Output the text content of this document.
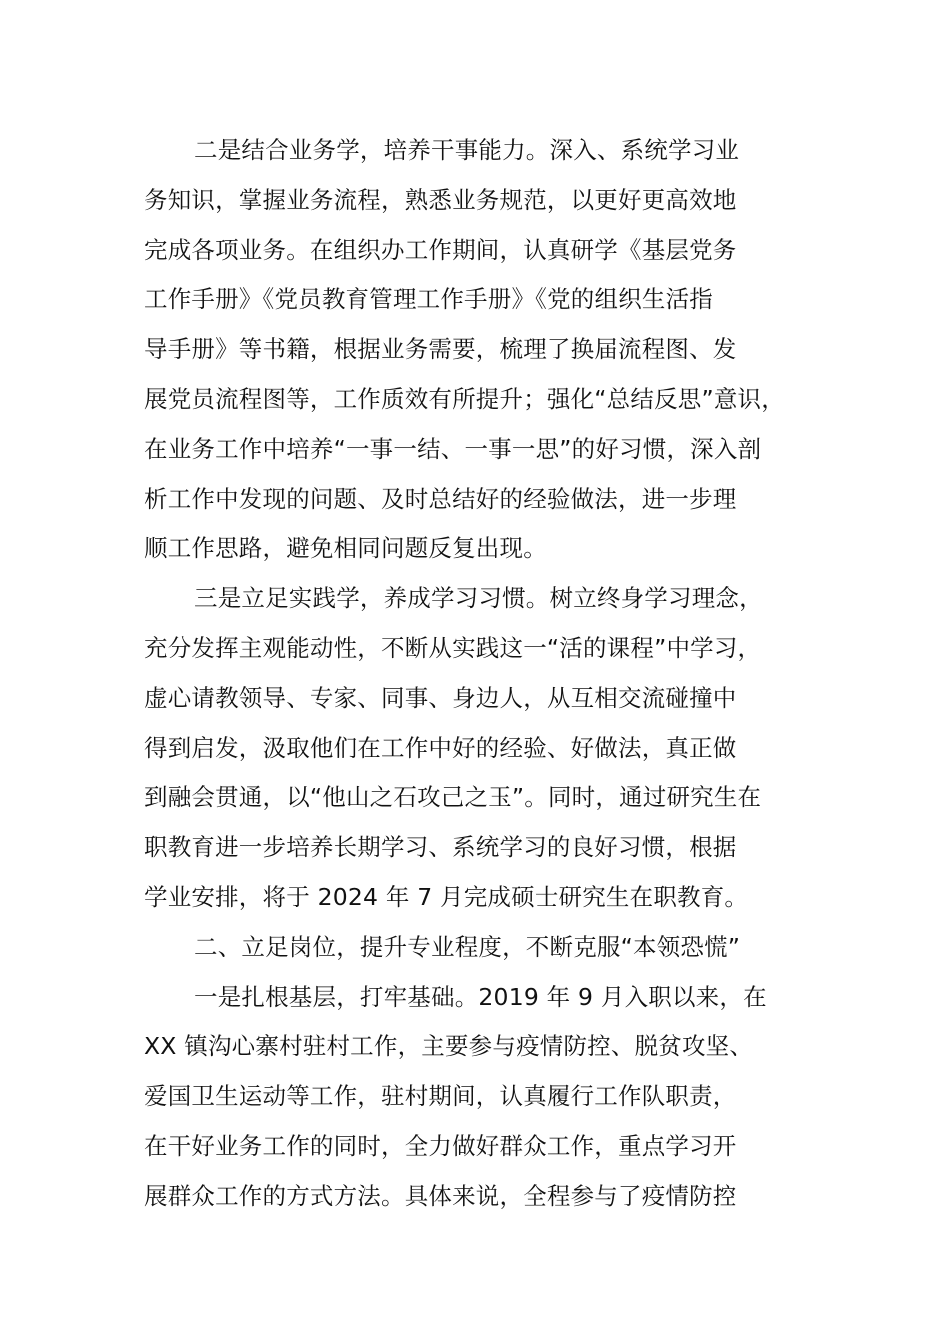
二是结合业务学，培养干事能力。深入、系统学习业
务知识，掌握业务流程，熟悉业务规范，以更好更高效地
完成各项业务。在组织办工作期间，认真研学《基层党务
工作手册》《党员教育管理工作手册》《党的组织生活指
导手册》等书籍，根据业务需要，梳理了换届流程图、发
展党员流程图等，工作质效有所提升；强化“总结反思”意识，
在业务工作中培养“一事一结、一事一思”的好习惯，深入剖
析工作中发现的问题、及时总结好的经验做法，进一步理
顺工作思路，避免相同问题反复出现。
三是立足实践学，养成学习习惯。树立终身学习理念，
充分发挥主观能动性，不断从实践这一“活的课程”中学习，
虚心请教领导、专家、同事、身边人，从互相交流碰撞中
得到启发，汲取他们在工作中好的经验、好做法，真正做
到融会贯通，以“他山之石攻己之玉”。同时，通过研究生在
职教育进一步培养长期学习、系统学习的良好习惯，根据
学业安排，将于 2024 年 7 月完成硕士研究生在职教育。
二、立足岗位，提升专业程度，不断克服“本领恐慌”
一是扎根基层，打牢基础。2019 年 9 月入职以来，在
XX 镇沟心寨村驻村工作，主要参与疫情防控、脱贫攻坚、
爱国卫生运动等工作，驻村期间，认真履行工作队职责，
在干好业务工作的同时，全力做好群众工作，重点学习开
展群众工作的方式方法。具体来说，全程参与了疫情防控
